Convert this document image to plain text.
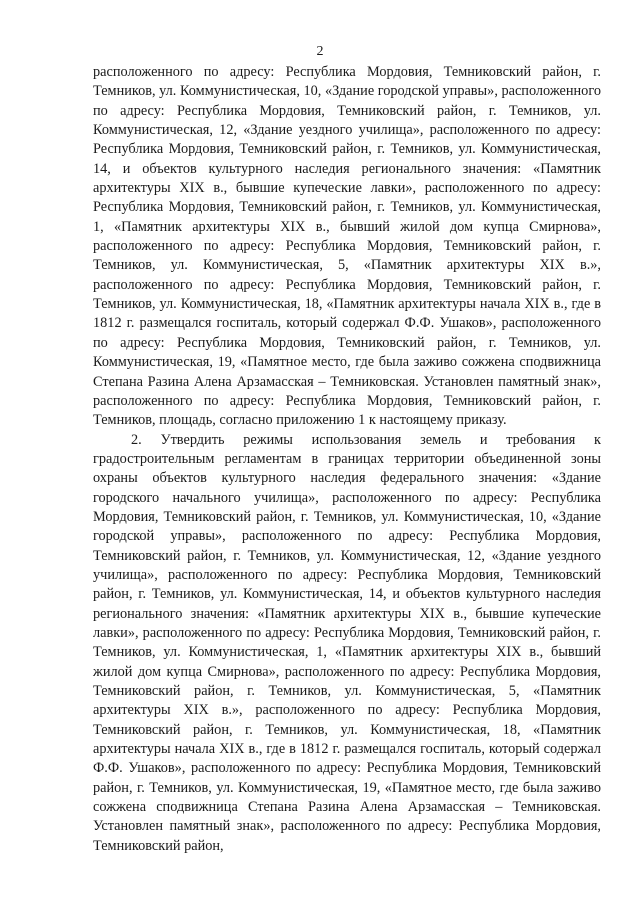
2

расположенного по адресу: Республика Мордовия, Темниковский район, г. Темников, ул. Коммунистическая, 10, «Здание городской управы», расположенного по адресу: Республика Мордовия, Темниковский район, г. Темников, ул. Коммунистическая, 12, «Здание уездного училища», расположенного по адресу: Республика Мордовия, Темниковский район, г. Темников, ул. Коммунистическая, 14, и объектов культурного наследия регионального значения: «Памятник архитектуры XIX в., бывшие купеческие лавки», расположенного по адресу: Республика Мордовия, Темниковский район, г. Темников, ул. Коммунистическая, 1, «Памятник архитектуры XIX в., бывший жилой дом купца Смирнова», расположенного по адресу: Республика Мордовия, Темниковский район, г. Темников, ул. Коммунистическая, 5, «Памятник архитектуры XIX в.», расположенного по адресу: Республика Мордовия, Темниковский район, г. Темников, ул. Коммунистическая, 18, «Памятник архитектуры начала XIX в., где в 1812 г. размещался госпиталь, который содержал Ф.Ф. Ушаков», расположенного по адресу: Республика Мордовия, Темниковский район, г. Темников, ул. Коммунистическая, 19, «Памятное место, где была заживо сожжена сподвижница Степана Разина Алена Арзамасская – Темниковская. Установлен памятный знак», расположенного по адресу: Республика Мордовия, Темниковский район, г. Темников, площадь, согласно приложению 1 к настоящему приказу.

2. Утвердить режимы использования земель и требования к градостроительным регламентам в границах территории объединенной зоны охраны объектов культурного наследия федерального значения: «Здание городского начального училища», расположенного по адресу: Республика Мордовия, Темниковский район, г. Темников, ул. Коммунистическая, 10, «Здание городской управы», расположенного по адресу: Республика Мордовия, Темниковский район, г. Темников, ул. Коммунистическая, 12, «Здание уездного училища», расположенного по адресу: Республика Мордовия, Темниковский район, г. Темников, ул. Коммунистическая, 14, и объектов культурного наследия регионального значения: «Памятник архитектуры XIX в., бывшие купеческие лавки», расположенного по адресу: Республика Мордовия, Темниковский район, г. Темников, ул. Коммунистическая, 1, «Памятник архитектуры XIX в., бывший жилой дом купца Смирнова», расположенного по адресу: Республика Мордовия, Темниковский район, г. Темников, ул. Коммунистическая, 5, «Памятник архитектуры XIX в.», расположенного по адресу: Республика Мордовия, Темниковский район, г. Темников, ул. Коммунистическая, 18, «Памятник архитектуры начала XIX в., где в 1812 г. размещался госпиталь, который содержал Ф.Ф. Ушаков», расположенного по адресу: Республика Мордовия, Темниковский район, г. Темников, ул. Коммунистическая, 19, «Памятное место, где была заживо сожжена сподвижница Степана Разина Алена Арзамасская – Темниковская. Установлен памятный знак», расположенного по адресу: Республика Мордовия, Темниковский район,
